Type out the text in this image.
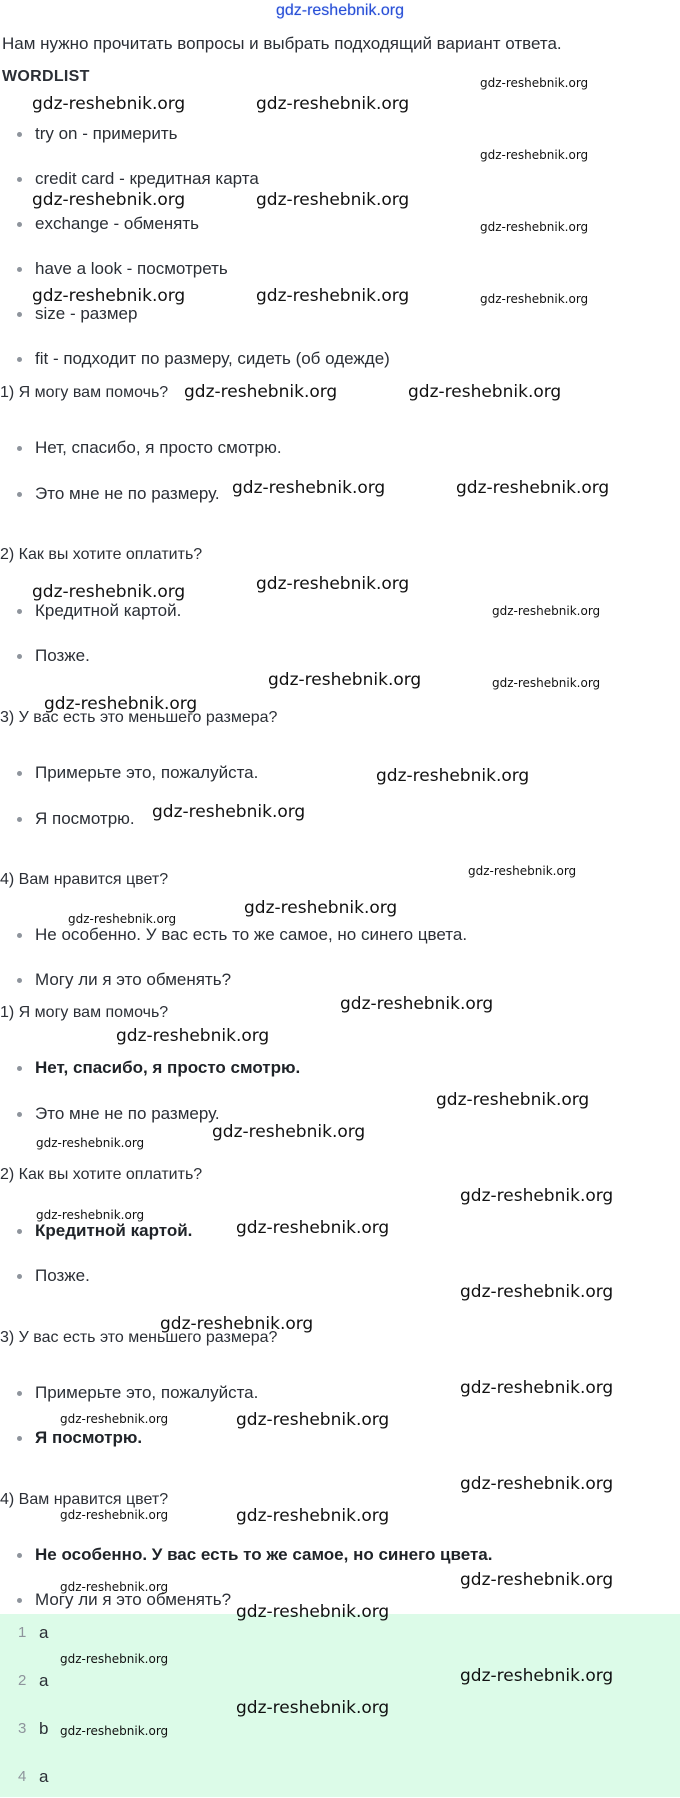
gdz-reshebnik.org
Нам нужно прочитать вопросы и выбрать подходящий вариант ответа.
WORDLIST
try on - примерить
credit card - кредитная карта
exchange - обменять
have a look - посмотреть
size - размер
fit - подходит по размеру, сидеть (об одежде)
1) Я могу вам помочь?
Нет, спасибо, я просто смотрю.
Это мне не по размеру.
2) Как вы хотите оплатить?
Кредитной картой.
Позже.
3) У вас есть это меньшего размера?
Примерьте это, пожалуйста.
Я посмотрю.
4) Вам нравится цвет?
Не особенно. У вас есть то же самое, но синего цвета.
Могу ли я это обменять?
1) Я могу вам помочь?
Нет, спасибо, я просто смотрю.
Это мне не по размеру.
2) Как вы хотите оплатить?
Кредитной картой.
Позже.
3) У вас есть это меньшего размера?
Примерьте это, пожалуйста.
Я посмотрю.
4) Вам нравится цвет?
Не особенно. У вас есть то же самое, но синего цвета.
Могу ли я это обменять?
1 a
2 a
3 b
4 a
gdz-reshebnik.org
gdz-reshebnik.org	gdz-reshebnik.org
gdz-reshebnik.org
gdz-reshebnik.org	gdz-reshebnik.org
gdz-reshebnik.org
gdz-reshebnik.org	gdz-reshebnik.org	gdz-reshebnik.org
gdz-reshebnik.org	gdz-reshebnik.org
gdz-reshebnik.org	gdz-reshebnik.org
gdz-reshebnik.org
gdz-reshebnik.org
gdz-reshebnik.org
gdz-reshebnik.org	gdz-reshebnik.org
gdz-reshebnik.org
gdz-reshebnik.org
gdz-reshebnik.org
gdz-reshebnik.org
gdz-reshebnik.org
gdz-reshebnik.org
gdz-reshebnik.org
gdz-reshebnik.org
gdz-reshebnik.org
gdz-reshebnik.org
gdz-reshebnik.org
gdz-reshebnik.org
gdz-reshebnik.org
gdz-reshebnik.org
gdz-reshebnik.org
gdz-reshebnik.org
gdz-reshebnik.org
gdz-reshebnik.org	gdz-reshebnik.org
gdz-reshebnik.org
gdz-reshebnik.org	gdz-reshebnik.org
gdz-reshebnik.org
gdz-reshebnik.org
gdz-reshebnik.org
gdz-reshebnik.org
gdz-reshebnik.org
gdz-reshebnik.org
gdz-reshebnik.org
